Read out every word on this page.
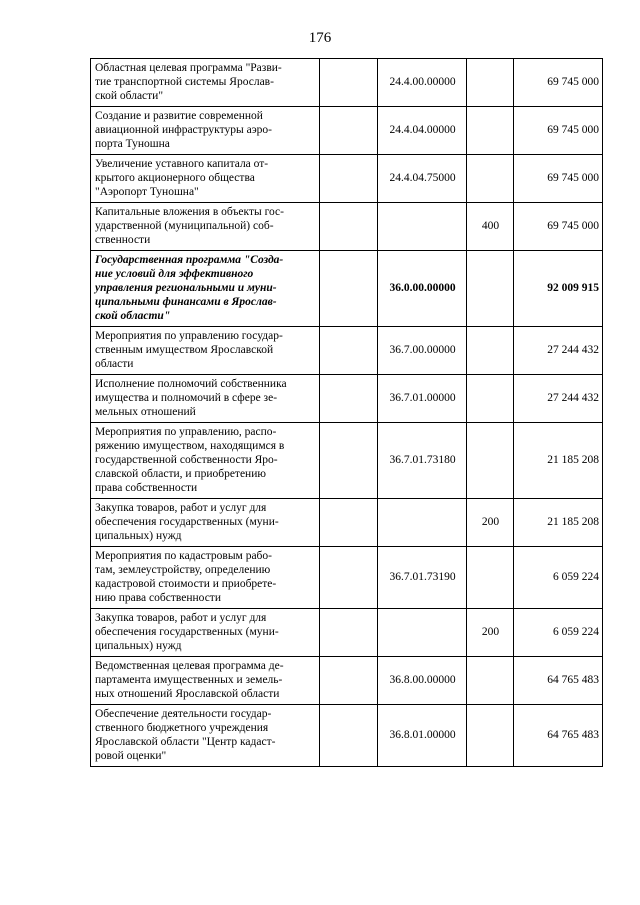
176
Областная целевая программа "Разви-
тие транспортной системы Ярослав-
ской области"		24.4.00.00000		69 745 000

Создание и развитие современной
авиационной инфраструктуры аэро-
порта Туношна		24.4.04.00000		69 745 000

Увеличение уставного капитала от-
крытого акционерного общества
"Аэропорт Туношна"		24.4.04.75000		69 745 000

Капитальные вложения в объекты гос-
ударственной (муниципальной) соб-
ственности			400	69 745 000

Государственная программа "Созда-
ние условий для эффективного
управления региональными и муни-
ципальными финансами в Ярослав-
ской области"		36.0.00.00000		92 009 915

Мероприятия по управлению государ-
ственным имуществом Ярославской
области		36.7.00.00000		27 244 432

Исполнение полномочий собственника
имущества и полномочий в сфере зе-
мельных отношений		36.7.01.00000		27 244 432

Мероприятия по управлению, распо-
ряжению имуществом, находящимся в
государственной собственности Яро-
славской области, и приобретению
права собственности		36.7.01.73180		21 185 208

Закупка товаров, работ и услуг для
обеспечения государственных (муни-
ципальных) нужд			200	21 185 208

Мероприятия по кадастровым рабо-
там, землеустройству, определению
кадастровой стоимости и приобрете-
нию права собственности		36.7.01.73190		6 059 224

Закупка товаров, работ и услуг для
обеспечения государственных (муни-
ципальных) нужд			200	6 059 224

Ведомственная целевая программа де-
партамента имущественных и земель-
ных отношений Ярославской области		36.8.00.00000		64 765 483

Обеспечение деятельности государ-
ственного бюджетного учреждения
Ярославской области "Центр кадаст-
ровой оценки"		36.8.01.00000		64 765 483
